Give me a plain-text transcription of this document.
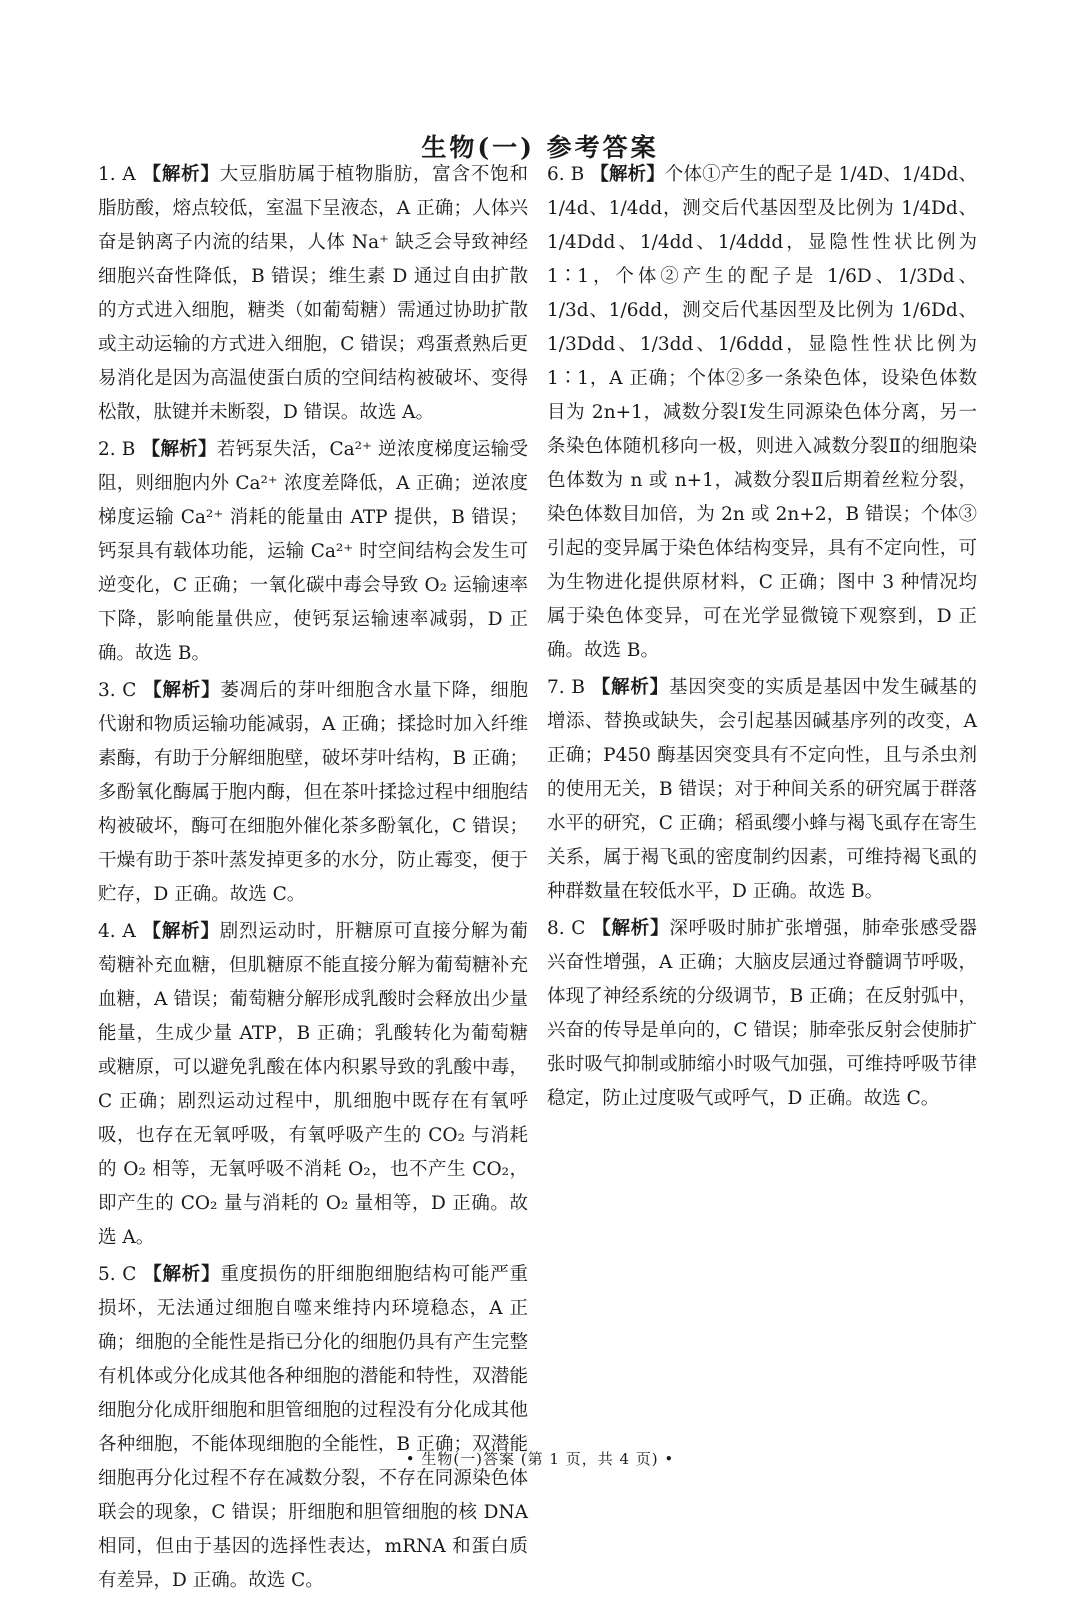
生物(一) 参考答案

1. A 【解析】大豆脂肪属于植物脂肪，富含不饱和脂肪酸，熔点较低，室温下呈液态，A 正确；人体兴奋是钠离子内流的结果，人体 Na⁺ 缺乏会导致神经细胞兴奋性降低，B 错误；维生素 D 通过自由扩散的方式进入细胞，糖类（如葡萄糖）需通过协助扩散或主动运输的方式进入细胞，C 错误；鸡蛋煮熟后更易消化是因为高温使蛋白质的空间结构被破坏、变得松散，肽键并未断裂，D 错误。故选 A。

2. B 【解析】若钙泵失活，Ca²⁺ 逆浓度梯度运输受阻，则细胞内外 Ca²⁺ 浓度差降低，A 正确；逆浓度梯度运输 Ca²⁺ 消耗的能量由 ATP 提供，B 错误；钙泵具有载体功能，运输 Ca²⁺ 时空间结构会发生可逆变化，C 正确；一氧化碳中毒会导致 O₂ 运输速率下降，影响能量供应，使钙泵运输速率减弱，D 正确。故选 B。

3. C 【解析】萎凋后的芽叶细胞含水量下降，细胞代谢和物质运输功能减弱，A 正确；揉捻时加入纤维素酶，有助于分解细胞壁，破坏芽叶结构，B 正确；多酚氧化酶属于胞内酶，但在茶叶揉捻过程中细胞结构被破坏，酶可在细胞外催化茶多酚氧化，C 错误；干燥有助于茶叶蒸发掉更多的水分，防止霉变，便于贮存，D 正确。故选 C。

4. A 【解析】剧烈运动时，肝糖原可直接分解为葡萄糖补充血糖，但肌糖原不能直接分解为葡萄糖补充血糖，A 错误；葡萄糖分解形成乳酸时会释放出少量能量，生成少量 ATP，B 正确；乳酸转化为葡萄糖或糖原，可以避免乳酸在体内积累导致的乳酸中毒，C 正确；剧烈运动过程中，肌细胞中既存在有氧呼吸，也存在无氧呼吸，有氧呼吸产生的 CO₂ 与消耗的 O₂ 相等，无氧呼吸不消耗 O₂，也不产生 CO₂，即产生的 CO₂ 量与消耗的 O₂ 量相等，D 正确。故选 A。

5. C 【解析】重度损伤的肝细胞细胞结构可能严重损坏，无法通过细胞自噬来维持内环境稳态，A 正确；细胞的全能性是指已分化的细胞仍具有产生完整有机体或分化成其他各种细胞的潜能和特性，双潜能细胞分化成肝细胞和胆管细胞的过程没有分化成其他各种细胞，不能体现细胞的全能性，B 正确；双潜能细胞再分化过程不存在减数分裂，不存在同源染色体联会的现象，C 错误；肝细胞和胆管细胞的核 DNA 相同，但由于基因的选择性表达，mRNA 和蛋白质有差异，D 正确。故选 C。

6. B 【解析】个体①产生的配子是 1/4D、1/4Dd、1/4d、1/4dd，测交后代基因型及比例为 1/4Dd、1/4Ddd、1/4dd、1/4ddd，显隐性性状比例为 1∶1，个体②产生的配子是 1/6D、1/3Dd、1/3d、1/6dd，测交后代基因型及比例为 1/6Dd、1/3Ddd、1/3dd、1/6ddd，显隐性性状比例为 1∶1，A 正确；个体②多一条染色体，设染色体数目为 2n+1，减数分裂Ⅰ发生同源染色体分离，另一条染色体随机移向一极，则进入减数分裂Ⅱ的细胞染色体数为 n 或 n+1，减数分裂Ⅱ后期着丝粒分裂，染色体数目加倍，为 2n 或 2n+2，B 错误；个体③引起的变异属于染色体结构变异，具有不定向性，可为生物进化提供原材料，C 正确；图中 3 种情况均属于染色体变异，可在光学显微镜下观察到，D 正确。故选 B。

7. B 【解析】基因突变的实质是基因中发生碱基的增添、替换或缺失，会引起基因碱基序列的改变，A 正确；P450 酶基因突变具有不定向性，且与杀虫剂的使用无关，B 错误；对于种间关系的研究属于群落水平的研究，C 正确；稻虱缨小蜂与褐飞虱存在寄生关系，属于褐飞虱的密度制约因素，可维持褐飞虱的种群数量在较低水平，D 正确。故选 B。

8. C 【解析】深呼吸时肺扩张增强，肺牵张感受器兴奋性增强，A 正确；大脑皮层通过脊髓调节呼吸，体现了神经系统的分级调节，B 正确；在反射弧中，兴奋的传导是单向的，C 错误；肺牵张反射会使肺扩张时吸气抑制或肺缩小时吸气加强，可维持呼吸节律稳定，防止过度吸气或呼气，D 正确。故选 C。

• 生物(一)答案 (第 1 页，共 4 页) •
